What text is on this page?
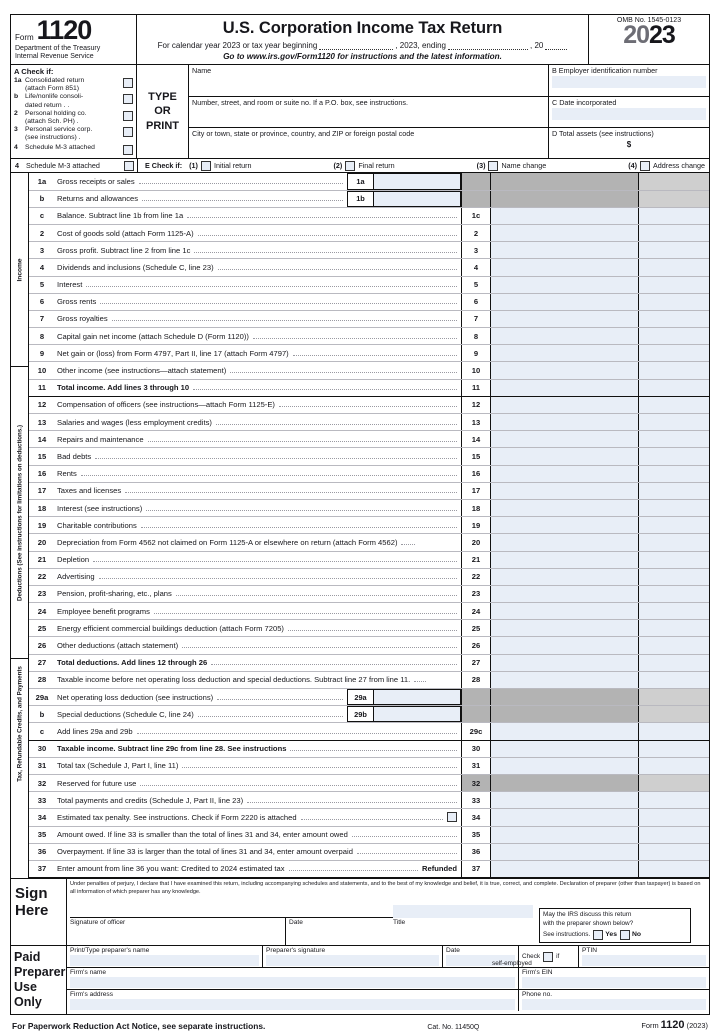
Form 1120
Department of the Treasury
Internal Revenue Service
U.S. Corporation Income Tax Return
For calendar year 2023 or tax year beginning	, 2023, ending	, 20
Go to www.irs.gov/Form1120 for instructions and the latest information.
OMB No. 1545-0123
2023
A Check if:
1a Consolidated return
(attach Form 851)
b	Life/nonlife consoli-
dated return . .
2	Personal holding co.
(attach Sch. PH) .
3	Personal service corp.
(see instructions) .
4	Schedule M-3 attached
TYPE
OR
PRINT
Name
Number, street, and room or suite no. If a P.O. box, see instructions.
City or town, state or province, country, and ZIP or foreign postal code
B Employer identification number
C Date incorporated
D Total assets (see instructions)
$
4 Schedule M-3 attached	E Check if: (1) Initial return	(2) Final return	(3) Name change	(4) Address change
Income
Deductions (See instructions for limitations on deductions.)
Tax, Refundable Credits, and Payments
1a	Gross receipts or sales	1a
b	Returns and allowances	1b
c	Balance. Subtract line 1b from line 1a	1c
2	Cost of goods sold (attach Form 1125-A)	2
3	Gross profit. Subtract line 2 from line 1c	3
4	Dividends and inclusions (Schedule C, line 23)	4
5	Interest	5
6	Gross rents	6
7	Gross royalties	7
8	Capital gain net income (attach Schedule D (Form 1120))	8
9	Net gain or (loss) from Form 4797, Part II, line 17 (attach Form 4797)	9
10	Other income (see instructions—attach statement)	10
11	Total income. Add lines 3 through 10	11
12	Compensation of officers (see instructions—attach Form 1125-E)	12
13	Salaries and wages (less employment credits)	13
14	Repairs and maintenance	14
15	Bad debts	15
16	Rents	16
17	Taxes and licenses	17
18	Interest (see instructions)	18
19	Charitable contributions	19
20	Depreciation from Form 4562 not claimed on Form 1125-A or elsewhere on return (attach Form 4562)	20
21	Depletion	21
22	Advertising	22
23	Pension, profit-sharing, etc., plans	23
24	Employee benefit programs	24
25	Energy efficient commercial buildings deduction (attach Form 7205)	25
26	Other deductions (attach statement)	26
27	Total deductions. Add lines 12 through 26	27
28	Taxable income before net operating loss deduction and special deductions. Subtract line 27 from line 11.	28
29a	Net operating loss deduction (see instructions)	29a
b	Special deductions (Schedule C, line 24)	29b
c	Add lines 29a and 29b	29c
30	Taxable income. Subtract line 29c from line 28. See instructions	30
31	Total tax (Schedule J, Part I, line 11)	31
32	Reserved for future use	32
33	Total payments and credits (Schedule J, Part II, line 23)	33
34	Estimated tax penalty. See instructions. Check if Form 2220 is attached	34
35	Amount owed. If line 33 is smaller than the total of lines 31 and 34, enter amount owed	35
36	Overpayment. If line 33 is larger than the total of lines 31 and 34, enter amount overpaid	36
37	Enter amount from line 36 you want: Credited to 2024 estimated tax	Refunded	37
Sign
Here
Under penalties of perjury, I declare that I have examined this return, including accompanying schedules and statements, and to the best of my knowledge and belief, it is true, correct, and complete. Declaration of preparer (other than taxpayer) is based on all information of which preparer has any knowledge.
Signature of officer	Date	Title
May the IRS discuss this return
with the preparer shown below?
See instructions. Yes No
Paid
Preparer
Use Only
Print/Type preparer's name	Preparer's signature	Date
Check	if
self-employed
PTIN
Firm's name	Firm's EIN
Firm's address	Phone no.
For Paperwork Reduction Act Notice, see separate instructions.	Cat. No. 11450Q	Form 1120 (2023)
